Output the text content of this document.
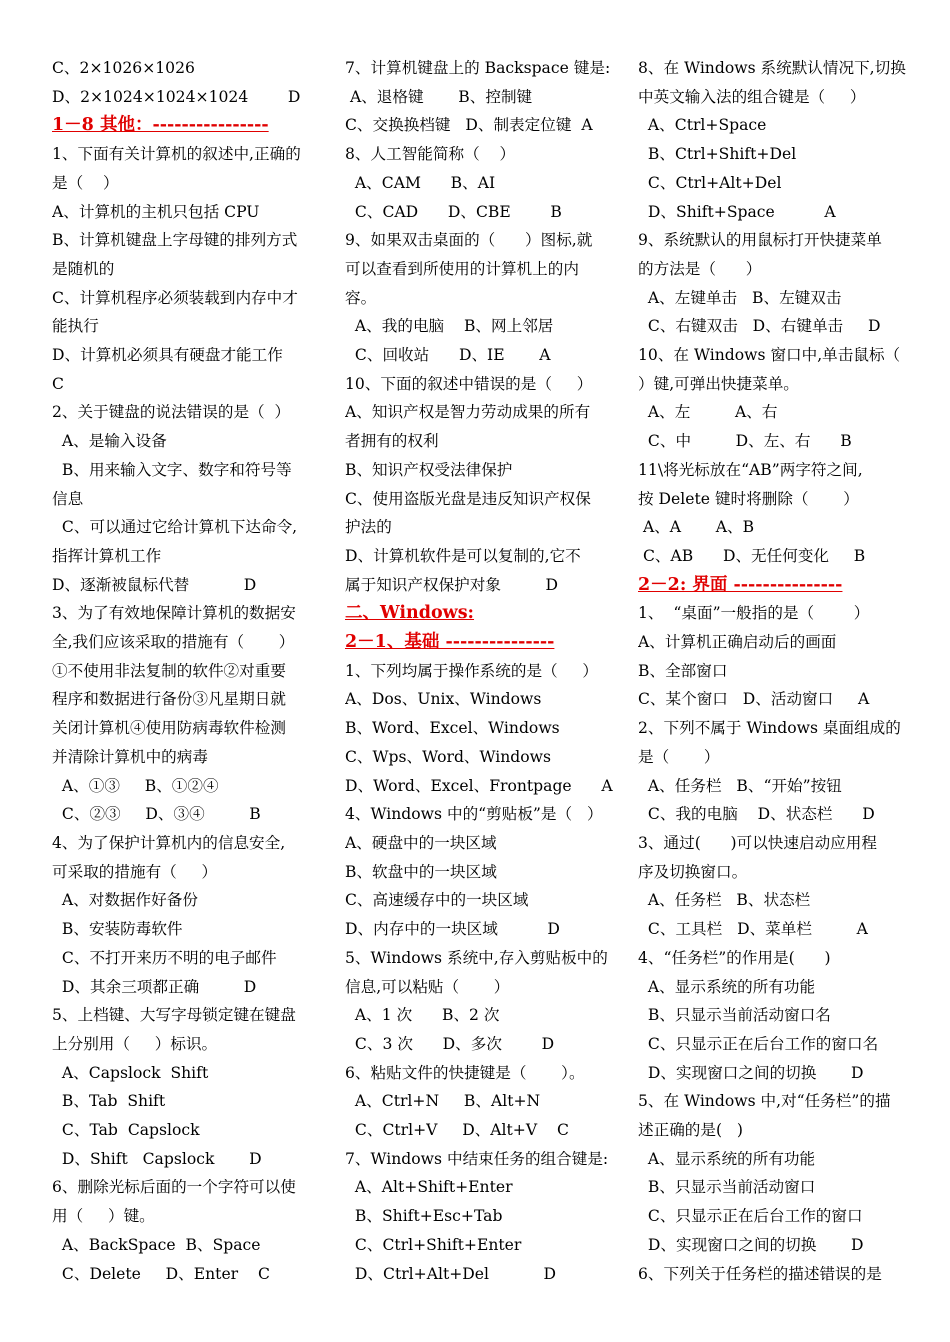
C、2×1026×1026
D、2×1024×1024×1024        D
1－8 其他：----------------
1、下面有关计算机的叙述中,正确的
是（    ）
A、计算机的主机只包括 CPU
B、计算机键盘上字母键的排列方式
是随机的
C、计算机程序必须装载到内存中才
能执行
D、计算机必须具有硬盘才能工作
C
2、关于键盘的说法错误的是（  ）
A、是输入设备
B、用来输入文字、数字和符号等
信息
C、可以通过它给计算机下达命令,
指挥计算机工作
D、逐渐被鼠标代替           D
3、为了有效地保障计算机的数据安
全,我们应该采取的措施有（       ）
①不使用非法复制的软件②对重要
程序和数据进行备份③凡星期日就
关闭计算机④使用防病毒软件检测
并清除计算机中的病毒
A、①③     B、①②④
C、②③     D、③④         B
4、为了保护计算机内的信息安全,
可采取的措施有（     ）
A、对数据作好备份
B、安装防毒软件
C、不打开来历不明的电子邮件
D、其余三项都正确         D
5、上档键、大写字母锁定键在键盘
上分别用（     ）标识。
A、Capslock  Shift
B、Tab  Shift
C、Tab  Capslock
D、Shift   Capslock       D
6、删除光标后面的一个字符可以使
用（     ）键。
A、BackSpace  B、Space
C、Delete     D、Enter    C
7、计算机键盘上的 Backspace 键是:
A、退格键       B、控制键
C、交换换档键   D、制表定位键  A
8、人工智能简称（    ）
A、CAM      B、AI
C、CAD      D、CBE        B
9、如果双击桌面的（      ）图标,就
可以查看到所使用的计算机上的内
容。
A、我的电脑    B、网上邻居
C、回收站      D、IE       A
10、下面的叙述中错误的是（     ）
A、知识产权是智力劳动成果的所有
者拥有的权利
B、知识产权受法律保护
C、使用盗版光盘是违反知识产权保
护法的
D、计算机软件是可以复制的,它不
属于知识产权保护对象         D
二、Windows:
2－1、基础 ---------------
1、下列均属于操作系统的是（     ）
A、Dos、Unix、Windows
B、Word、Excel、Windows
C、Wps、Word、Windows
D、Word、Excel、Frontpage      A
4、Windows 中的“剪贴板”是（   ）
A、硬盘中的一块区域
B、软盘中的一块区域
C、高速缓存中的一块区域
D、内存中的一块区域          D
5、Windows 系统中,存入剪贴板中的
信息,可以粘贴（       ）
A、1 次      B、2 次
C、3 次      D、多次        D
6、粘贴文件的快捷键是（       ）。
A、Ctrl+N     B、Alt+N
C、Ctrl+V     D、Alt+V    C
7、Windows 中结束任务的组合键是:
A、Alt+Shift+Enter
B、Shift+Esc+Tab
C、Ctrl+Shift+Enter
D、Ctrl+Alt+Del           D
8、在 Windows 系统默认情况下,切换
中英文输入法的组合键是（     ）
A、Ctrl+Space
B、Ctrl+Shift+Del
C、Ctrl+Alt+Del
D、Shift+Space          A
9、系统默认的用鼠标打开快捷菜单
的方法是（      ）
A、左键单击   B、左键双击
C、右键双击   D、右键单击     D
10、在 Windows 窗口中,单击鼠标（
）键,可弹出快捷菜单。
A、左         A、右
C、中         D、左、右      B
11\将光标放在“AB”两字符之间,
按 Delete 键时将删除（       ）
A、A       A、B
C、AB      D、无任何变化     B
2－2: 界面 ---------------
1、  “桌面”一般指的是（        ）
A、计算机正确启动后的画面
B、全部窗口
C、某个窗口   D、活动窗口     A
2、下列不属于 Windows 桌面组成的
是（       ）
A、任务栏   B、“开始”按钮
C、我的电脑    D、状态栏      D
3、通过(      )可以快速启动应用程
序及切换窗口。
A、任务栏   B、状态栏
C、工具栏   D、菜单栏         A
4、“任务栏”的作用是(      )
A、显示系统的所有功能
B、只显示当前活动窗口名
C、只显示正在后台工作的窗口名
D、实现窗口之间的切换       D
5、在 Windows 中,对“任务栏”的描
述正确的是(   )
A、显示系统的所有功能
B、只显示当前活动窗口
C、只显示正在后台工作的窗口
D、实现窗口之间的切换       D
6、下列关于任务栏的描述错误的是
